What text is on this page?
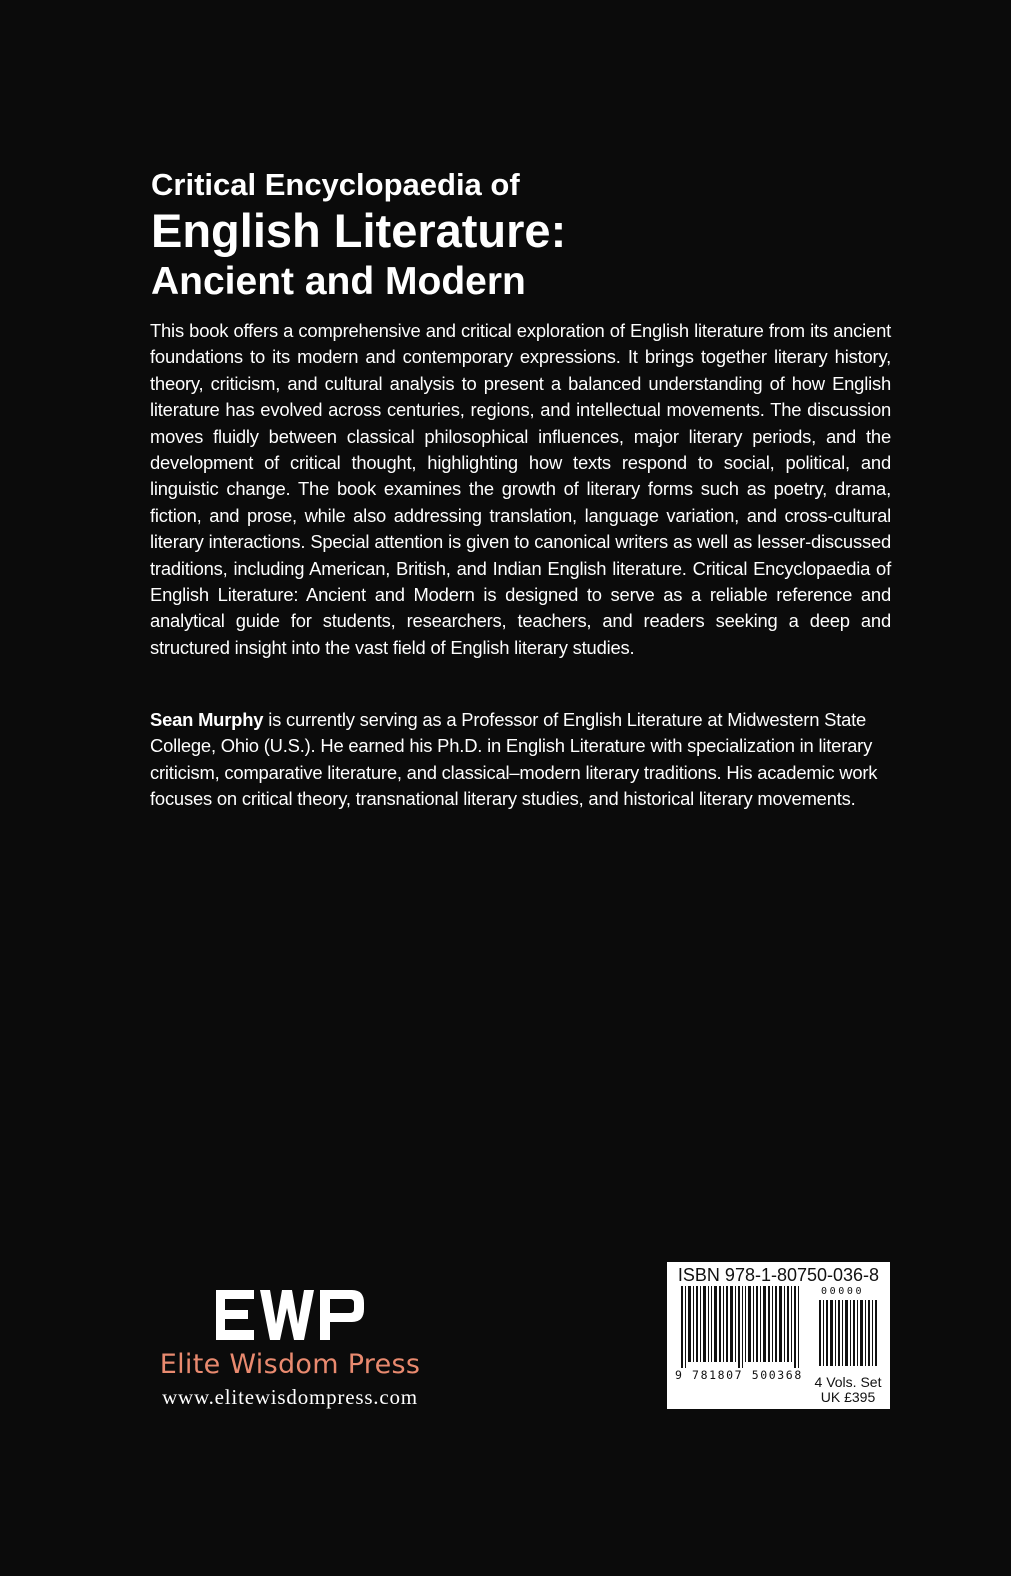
Critical Encyclopaedia of
English Literature:
Ancient and Modern

This book offers a comprehensive and critical exploration of English literature from its ancient foundations to its modern and contemporary expressions. It brings together literary history, theory, criticism, and cultural analysis to present a balanced understanding of how English literature has evolved across centuries, regions, and intellectual movements. The discussion moves fluidly between classical philosophical influences, major literary periods, and the development of critical thought, highlighting how texts respond to social, political, and linguistic change. The book examines the growth of literary forms such as poetry, drama, fiction, and prose, while also addressing translation, language variation, and cross-cultural literary interactions. Special attention is given to canonical writers as well as lesser-discussed traditions, including American, British, and Indian English literature. Critical Encyclopaedia of English Literature: Ancient and Modern is designed to serve as a reliable reference and analytical guide for students, researchers, teachers, and readers seeking a deep and structured insight into the vast field of English literary studies.

Sean Murphy is currently serving as a Professor of English Literature at Midwestern State College, Ohio (U.S.). He earned his Ph.D. in English Literature with specialization in literary criticism, comparative literature, and classical–modern literary traditions. His academic work focuses on critical theory, transnational literary studies, and historical literary movements.

Elite Wisdom Press
www.elitewisdompress.com
ISBN 978-1-80750-036-8
9 781807 500368
00000
4 Vols. Set
UK £395
